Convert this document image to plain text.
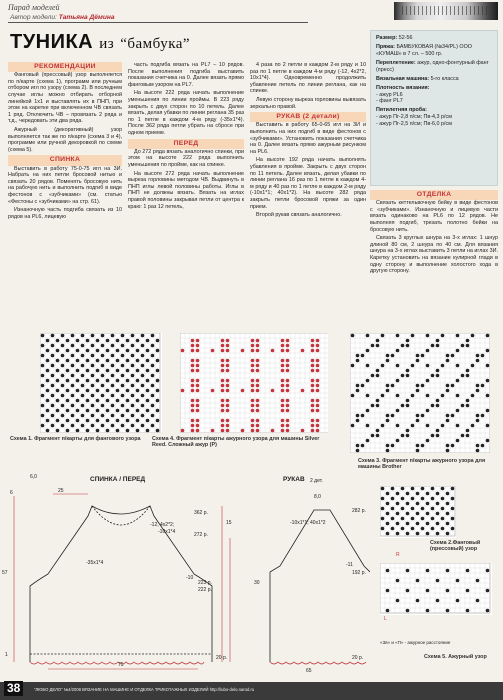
Парад моделей
Автор модели: Татьяна Дёмина
ТУНИКА из “бамбука”	Размер: 52-56

Пряжа: БАМБУКОВАЯ (№34/PL) ООО «КУМАШ» в 7 сл. – 500 гр.

Переплетение: ажур, одно-фонтурный фанг (пресс)

Вязальная машина: 5-го класса

Плотность вязания:
- ажур PL6
- фанг PL7

Пятилетняя проба:
- ажур Пг-2,8 п/см; Пв-4,3 р/см
- ажур Пг-2,5 п/см; Пв-6,0 р/см

РЕКОМЕНДАЦИИ

Фанговый (прессовый) узор выполняется по п/карте (схема 1), программ или ручным отбором игл по узору (схема 2). В последнем случае иглы можно отбирать отборной линейкой 1х1 и выставлять их в ПНП, при этом на каретке при включенном ЧВ связать 1 ряд. Отключить ЧВ – провязать 2 ряда и т.д., чередовать эти два ряда.

Ажурный (декоративный) узор выполняется так же по п/карте (схема 3 и 4), программе или ручной декоровкой по схеме (схема 5).

СПИНКА

Выставить в работу 75-0-75 игл на 3И. Набрать на них петли бросовой нитью и связать 20 рядов. Поменять бросовую нить на рабочую нить и выполнить подгиб в виде фестонов с «зубчиками» (см. статью «Фестоны с «зубчиками» на стр. 61).

Изнаночную часть подгиба связать из 10 рядов на PL6, лицевую

часть подгиба вязать на PL7 – 10 рядов. После выполнения подгиба выставить показания счетчика на 0. Далее вязать прямо фанговым узором на PL7.

На высоте 222 ряда начать выполнение уменьшения по линии проймы. В 223 ряду закрыть с двух сторон по 10 петель. Далее вязать, делая убавки по линии реглана 35 раз по 1 петле в каждом 4-м ряду (-35х1*4). После 362 ряда петли убрать на сбросе при одном приеме.

ПЕРЕД

До 272 ряда вязать аналогично спинки, при этом на высоте 222 ряда выполнить уменьшения по пройме, как на спинке.

На высоте 272 ряда начать выполнение выреза горловины методом ЧВ. Выдвинуть в ПНП иглы левой половины работы. Иглы в ПНП не должны вязать. Вязать на иглах правой половины закрывая петли от центра к краю: 1 раз 12 петель,

4 раза по 2 петли в каждом 2-м ряду и 10 раз по 1 петле в каждом 4-м ряду (-12, 4х2*2, 10х1*4). Одновременно продолжить убавление петель по линии реглана, как на спинке.

Левую сторону выреза горловины вывязать зеркально правой.

РУКАВ (2 детали)

Выставить в работу 65-0-65 игл на 3И и выполнить на них подгиб в виде фестонов с «зубчиками». Установить показания счетчика на 0. Далее вязать прямо ажурным рисунком на PL6.

На высоте 192 ряда начать выполнять убавления в пройме. Закрыть с двух сторон по 11 петель. Далее вязать, делая убавки по линии реглана 16 раз по 1 петле в каждом 4-м ряду и 40 раз по 1 петле в каждом 2-м ряду (-10х1*1; 40х1*2). На высоте 282 ряда закрыть петли бросовой пряжи за один прием.

Второй рукав связать аналогично.

ОТДЕЛКА

Связать кеттельвочную бейку в виде фестонов с «зубчиками». Изнаночную и лицевую части вязать одинаково на PL6 по 12 рядов. Не выполняя подгиб, трезать полотно бейки на бросовую нить.

Связать 3 круглых шнура на 3-х иглах: 1 шнур длиной 80 см, 2 шнура по 40 см. Для вязания шнура на 3-х иглах выставить 3 петли на иглах 3И. Каретку установить на вязание кулирной глади в одну сторону и выполнение холостого хода в другую сторону.

Схема 1. Фрагмент п/карты для фангового узора	Схема 4. Фрагмент п/карты ажурного узора для машины Silver Reed. Сложный ажур (P)
Схема 3. Фрагмент п/карты ажурного узора для машины Brother
Схема 2.Фанговый (прессовый) узор
R
Схема 5. Ажурный узор
«Зв» и «П» - ажурное расстояние
СПИНКА / ПЕРЕД	РУКАВ 2 дет.
6,0
25
57
15
6
-12, 4х2*2;
-10х1*4
-35х1*4
-10
75
1
272 р.
222 р.
223 р.
362 р.
20 р.
8,0
30
-10х1*1; 40х1*2
-11
65
282 р.
192 р.
20 р.
L
“ЛЮБО ДЕЛО” №4/2008 ВЯЗАНИЕ НА МАШИНЕ И ОТДЕЛКА ТРИКОТАЖНЫХ ИЗДЕЛИЙ http://lubo-delo.narod.ru
38
